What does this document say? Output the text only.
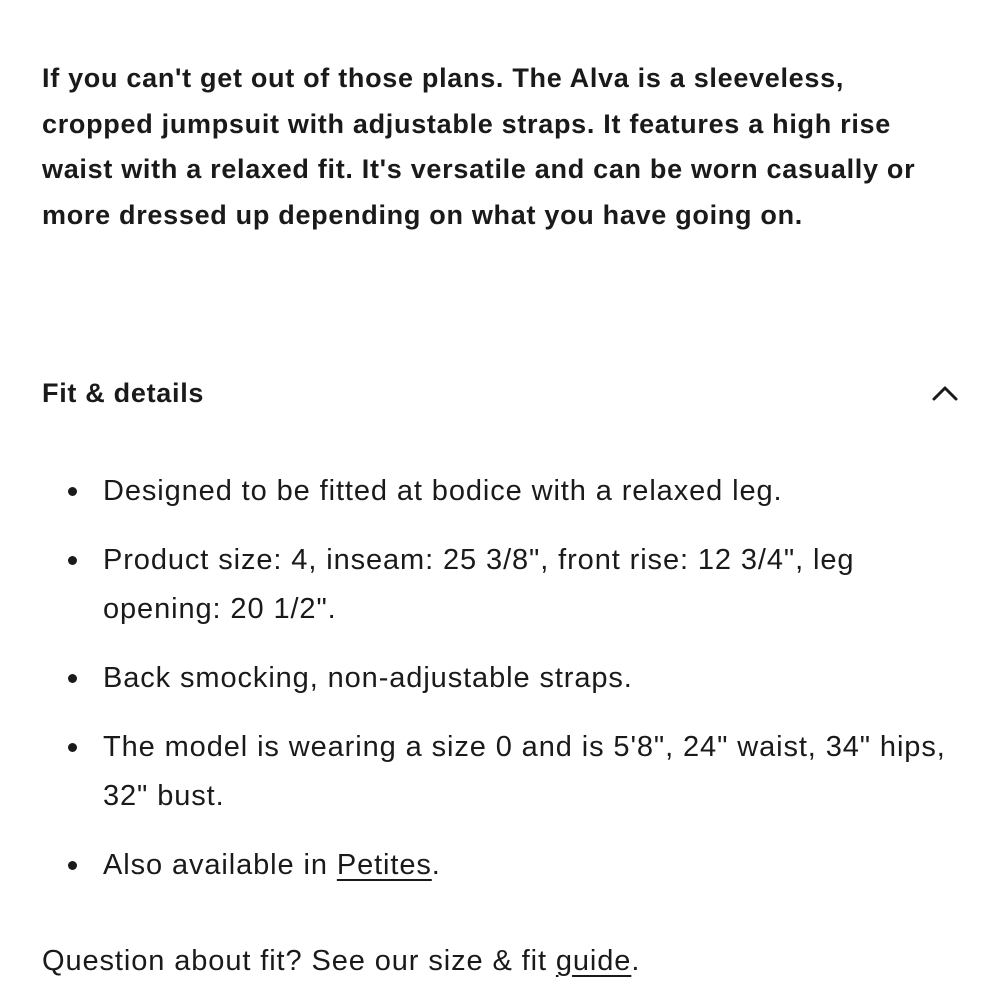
If you can't get out of those plans. The Alva is a sleeveless, cropped jumpsuit with adjustable straps. It features a high rise waist with a relaxed fit. It's versatile and can be worn casually or more dressed up depending on what you have going on.

Fit & details
Designed to be fitted at bodice with a relaxed leg.
Product size: 4, inseam: 25 3/8", front rise: 12 3/4", leg opening: 20 1/2".
Back smocking, non-adjustable straps.
The model is wearing a size 0 and is 5'8", 24" waist, 34" hips, 32" bust.
Also available in Petites.

Question about fit? See our size & fit guide.
